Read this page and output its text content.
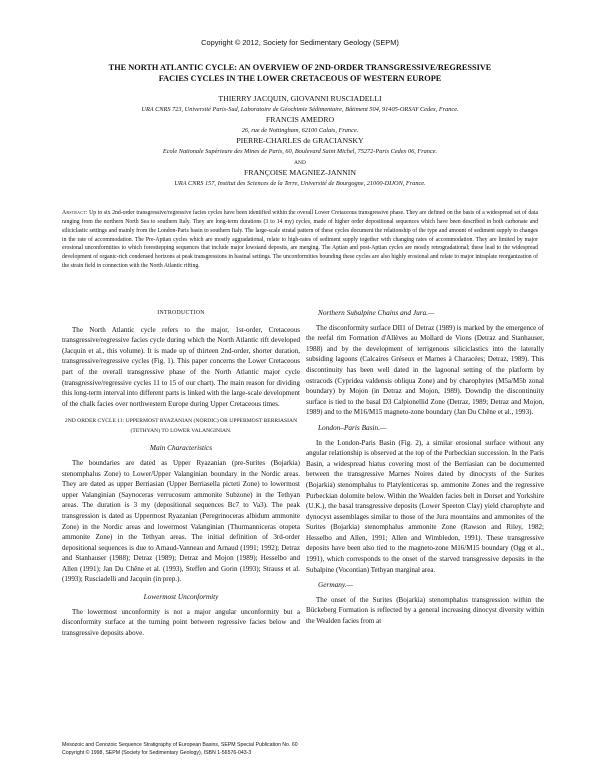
Copyright © 2012, Society for Sedimentary Geology (SEPM)
THE NORTH ATLANTIC CYCLE: AN OVERVIEW OF 2ND-ORDER TRANSGRESSIVE/REGRESSIVE
FACIES CYCLES IN THE LOWER CRETACEOUS OF WESTERN EUROPE
THIERRY JACQUIN, GIOVANNI RUSCIADELLI
URA CNRS 723, Université Paris-Sud, Laboratoire de Géochimie Sédimentaire, Bâtiment 504, 91405-ORSAY Cedex, France.
FRANCIS AMEDRO
26, rue de Nottingham, 62100 Calais, France.
PIERRE-CHARLES de GRACIANSKY
Ecole Nationale Supérieure des Mines de Paris, 60, Boulevard Saint Michel, 75272-Paris Cedex 06, France.
AND
FRANÇOISE MAGNIEZ-JANNIN
URA CNRS 157, Institut des Sciences de la Terre, Université de Bourgogne, 21000-DIJON, France.
Abstract: Up to six 2nd-order transgressive/regressive facies cycles have been identified within the overall Lower Cretaceous transgressive phase. They are defined on the basis of a widespread set of data ranging from the northern North Sea to southern Italy. They are long-term durations (3 to 14 my) cycles, made of higher order depositional sequences which have been described in both carbonate and siliciclastic settings and mainly from the London-Paris basin to southern Italy. The large-scale stratal pattern of these cycles document the relationship of the type and amount of sediment supply to changes in the rate of accommodation. The Pre-Aptian cycles which are mostly aggradational, relate to high-rates of sediment supply together with changing rates of accommodation. They are limited by major erosional unconformities to which foresttepping sequences that include major lowstand deposits, are merging. The Aptian and post-Aptian cycles are mostly retrogradational; these lead to the widespread development of organic-rich condensed horizons at peak transgressions in basinal settings. The unconformities bounding these cycles are also highly erosional and relate to major intraplate reorganization of the strain field in connection with the North Atlantic rifting.
INTRODUCTION

The North Atlantic cycle refers to the major, 1st-order, Cretaceous transgressive/regressive facies cycle during which the North Atlantic rift developed (Jacquin et al., this volume). It is made up of thirteen 2nd-order, shorter duration, transgressive/regressive cycles (Fig. 1). This paper concerns the Lower Cretaceous part of the overall transgressive phase of the North Atlantic major cycle (transgressive/regressive cycles 11 to 15 of our chart). The main reason for dividing this long-term interval into different parts is linked with the large-scale development of the chalk facies over northwestern Europe during Upper Cretaceous times.

2ND ORDER CYCLE 11: UPPERMOST RYAZANIAN (NORDIC) OR UPPERMOST BERRIASIAN (TETHYAN) TO LOWER VALANGINIAN.
Main Characteristics

The boundaries are dated as Upper Ryazanian (pre-Surites (Bojarkia) stenomphalus Zone) to Lower/Upper Valanginian boundary in the Nordic areas. They are dated as upper Berriasian (Upper Berriasella picteti Zone) to lowermost upper Valanginian (Saynoceras verrucosum ammonite Subzone) in the Tethyan areas. The duration is 3 my (depositional sequences Bc7 to Va3). The peak transgression is dated as Uppermost Ryazanian (Peregrinoceras albidum ammonite Zone) in the Nordic areas and lowermost Valanginian (Thurmanniceras otopeta ammonite Zone) in the Tethyan areas. The initial definition of 3rd-order depositional sequences is due to Arnaud-Vanneau and Arnaud (1991; 1992); Detraz and Stanhauser (1988); Detraz (1989); Detraz and Mojon (1989); Hesselbo and Allen (1991); Jan Du Chêne et al. (1993), Steffen and Gorin (1993); Strauss et al. (1993); Rusciadelli and Jacquin (in prep.).

Lowermost Unconformity

The lowermost unconformity is not a major angular unconformity but a disconformity surface at the turning point between regressive facies below and transgressive deposits above.

Northern Subalpine Chains and Jura.—

The disconformity surface DII1 of Detraz (1989) is marked by the emergence of the reefal rim Formation d'Allèves au Mollard de Vions (Detraz and Stanhauser, 1988) and by the development of terrigenous siliciclastics into the laterally subsiding lagoons (Calcaires Gréseux et Marnes à Characées; Detraz, 1989). This discontinuity has been well dated in the lagoonal setting of the platform by ostracods (Cypridea valdensis obliqua Zone) and by charophytes (M5a/M5b zonal boundary) by Mojon (in Detraz and Mojon, 1989). Downdip the discontinuity surface is tied to the basal D3 Calpionellid Zone (Detraz, 1989; Detraz and Mojon, 1989) and to the M16/M15 magneto-zone boundary (Jan Du Chêne et al., 1993).

London–Paris Basin.—

In the London-Paris Basin (Fig. 2), a similar erosional surface without any angular relationship is observed at the top of the Purbeckian succession. In the Paris Basin, a widespread hiatus covering most of the Berriasian can be documented between the transgressive Marnes Noires dated by dinocysts of the Surites (Bojarkia) stenomphalus to Platylenticeras sp. ammonite Zones and the regressive Purbeckian dolomite below. Within the Wealden facies belt in Dorset and Yorkshire (U.K.), the basal transgressive deposits (Lower Speeton Clay) yield charophyte and dynocyst assemblages similar to those of the Jura mountains and ammonites of the Surites (Bojarkia) stenomphalus ammonite Zone (Rawson and Riley, 1982; Hesselbo and Allen, 1991; Allen and Wimbledon, 1991). These transgressive deposits have been also tied to the magneto-zone M16/M15 boundary (Ogg et al., 1991), which corresponds to the onset of the starved transgressive deposits in the Subalpine (Vocontian) Tethyan marginal area.

Germany.—

The onset of the Surites (Bojarkia) stenomphalus transgression within the Bückeberg Formation is reflected by a general increasing dinocyst diversity within the Wealden facies from at

Mesozoic and Cenozoic Sequence Stratigraphy of European Basins, SEPM Special Publication No. 60
Copyright © 1998, SEPM (Society for Sedimentary Geology), ISBN 1-56576-043-3
